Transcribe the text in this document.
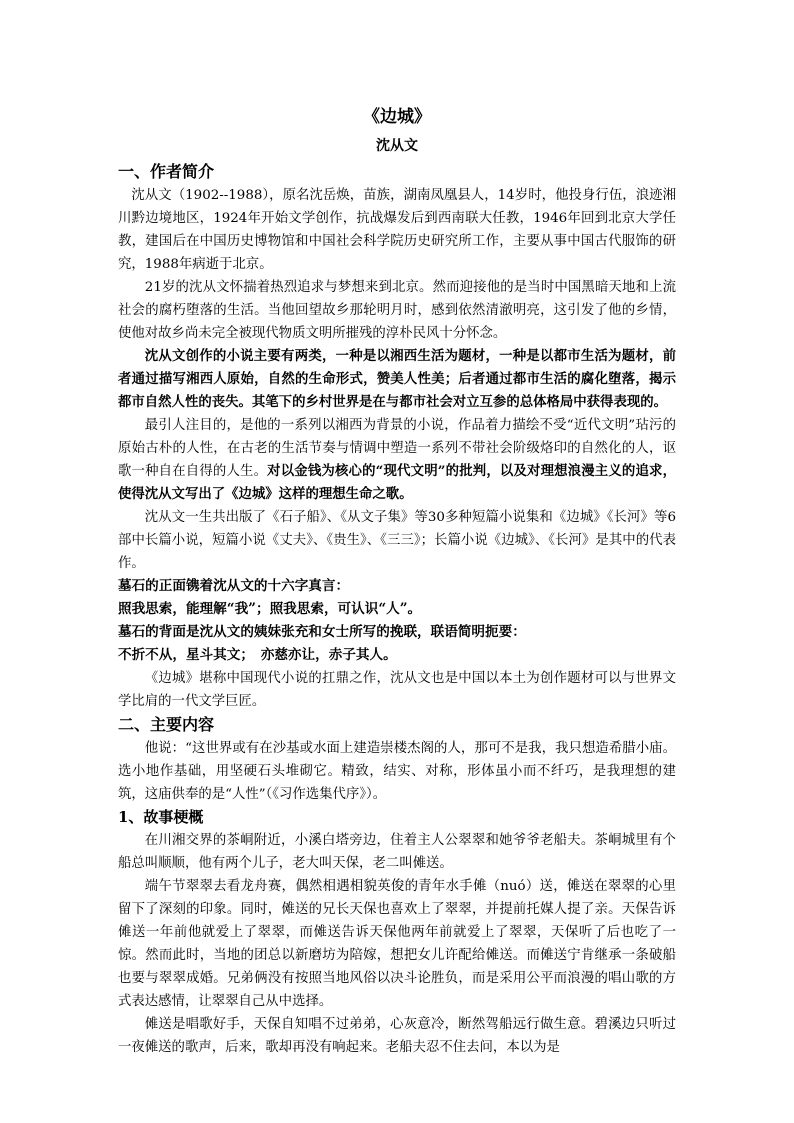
《边城》
沈从文
一、作者简介

沈从文（1902--1988），原名沈岳焕，苗族，湖南凤凰县人，14岁时，他投身行伍，浪迹湘川黔边境地区，1924年开始文学创作，抗战爆发后到西南联大任教，1946年回到北京大学任教，建国后在中国历史博物馆和中国社会科学院历史研究所工作，主要从事中国古代服饰的研究，1988年病逝于北京。

21岁的沈从文怀揣着热烈追求与梦想来到北京。然而迎接他的是当时中国黑暗天地和上流社会的腐朽堕落的生活。当他回望故乡那轮明月时，感到依然清澈明亮，这引发了他的乡情，使他对故乡尚未完全被现代物质文明所摧残的淳朴民风十分怀念。

沈从文创作的小说主要有两类，一种是以湘西生活为题材，一种是以都市生活为题材，前者通过描写湘西人原始，自然的生命形式，赞美人性美；后者通过都市生活的腐化堕落，揭示都市自然人性的丧失。其笔下的乡村世界是在与都市社会对立互参的总体格局中获得表现的。

最引人注目的，是他的一系列以湘西为背景的小说，作品着力描绘不受“近代文明”玷污的原始古朴的人性，在古老的生活节奏与情调中塑造一系列不带社会阶级烙印的自然化的人，讴歌一种自在自得的人生。对以金钱为核心的“现代文明”的批判，以及对理想浪漫主义的追求，使得沈从文写出了《边城》这样的理想生命之歌。

沈从文一生共出版了《石子船》、《从文子集》等30多种短篇小说集和《边城》《长河》等6部中长篇小说，短篇小说《丈夫》、《贵生》、《三三》；长篇小说《边城》、《长河》是其中的代表作。

墓石的正面镌着沈从文的十六字真言：
照我思索，能理解“我”；照我思索，可认识“人”。
墓石的背面是沈从文的姨妹张充和女士所写的挽联，联语简明扼要：
不折不从，星斗其文；　亦慈亦让，赤子其人。

《边城》堪称中国现代小说的扛鼎之作，沈从文也是中国以本土为创作题材可以与世界文学比肩的一代文学巨匠。

二、主要内容

他说：“这世界或有在沙基或水面上建造崇楼杰阁的人，那可不是我，我只想造希腊小庙。选小地作基础，用坚硬石头堆砌它。精致，结实、对称，形体虽小而不纤巧，是我理想的建筑，这庙供奉的是“人性”（《习作选集代序》）。

1、故事梗概

在川湘交界的茶峒附近，小溪白塔旁边，住着主人公翠翠和她爷爷老船夫。茶峒城里有个船总叫顺顺，他有两个儿子，老大叫天保，老二叫傩送。

端午节翠翠去看龙舟赛，偶然相遇相貌英俊的青年水手傩（nuó）送，傩送在翠翠的心里留下了深刻的印象。同时，傩送的兄长天保也喜欢上了翠翠，并提前托媒人提了亲。天保告诉傩送一年前他就爱上了翠翠，而傩送告诉天保他两年前就爱上了翠翠，天保听了后也吃了一惊。然而此时，当地的团总以新磨坊为陪嫁，想把女儿许配给傩送。而傩送宁肯继承一条破船也要与翠翠成婚。兄弟俩没有按照当地风俗以决斗论胜负，而是采用公平而浪漫的唱山歌的方式表达感情，让翠翠自己从中选择。

傩送是唱歌好手，天保自知唱不过弟弟，心灰意冷，断然驾船远行做生意。碧溪边只听过一夜傩送的歌声，后来，歌却再没有响起来。老船夫忍不住去问，本以为是
